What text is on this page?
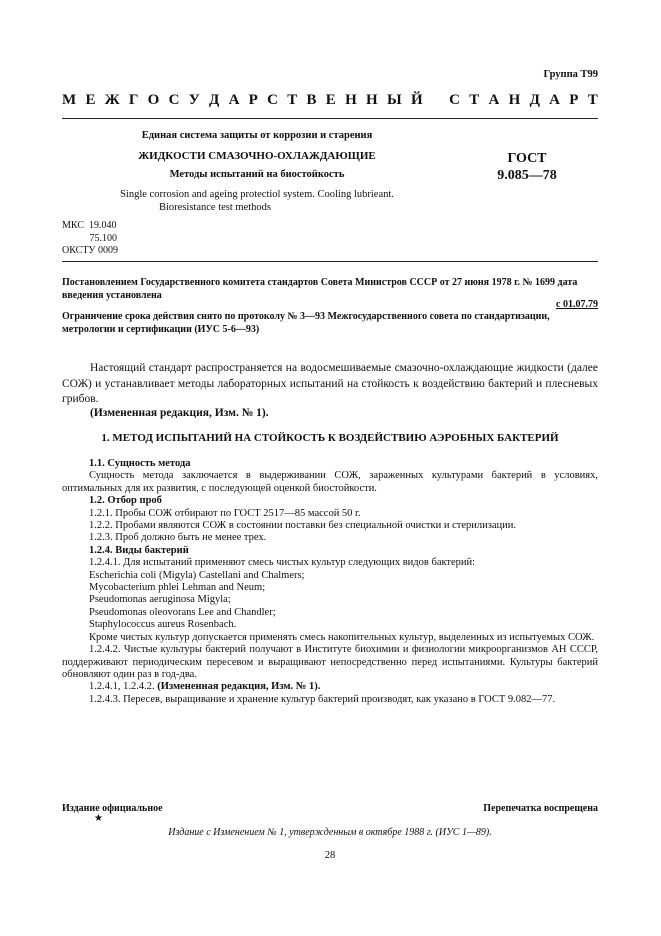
Группа Т99
М Е Ж Г О С У Д А Р С Т В Е Н Н Ы Й С Т А Н Д А Р Т
Единая система защиты от коррозии и старения
ЖИДКОСТИ СМАЗОЧНО-ОХЛАЖДАЮЩИЕ
Методы испытаний на биостойкость
Single corrosion and ageing protectiol system. Cooling lubrieant.
Bioresistance test methods
ГОСТ
9.085—78
МКС  19.040
75.100
ОКСТУ 0009
Постановлением Государственного комитета стандартов Совета Министров СССР от 27 июня 1978 г. № 1699 дата введения установлена
с 01.07.79
Ограничение срока действия снято по протоколу № 3—93 Межгосударственного совета по стандартизации, метрологии и сертификации (ИУС 5-6—93)
Настоящий стандарт распространяется на водосмешиваемые смазочно-охлаждающие жидкости (далее СОЖ) и устанавливает методы лабораторных испытаний на стойкость к воздействию бактерий и плесневых грибов.
(Измененная редакция, Изм. № 1).
1. МЕТОД ИСПЫТАНИЙ НА СТОЙКОСТЬ К ВОЗДЕЙСТВИЮ АЭРОБНЫХ БАКТЕРИЙ
1.1. Сущность метода
Сущность метода заключается в выдерживании СОЖ, зараженных культурами бактерий в условиях, оптимальных для их развития, с последующей оценкой биостойкости.
1.2. Отбор проб
1.2.1. Пробы СОЖ отбирают по ГОСТ 2517—85 массой 50 г.
1.2.2. Пробами являются СОЖ в состоянии поставки без специальной очистки и стерилизации.
1.2.3. Проб должно быть не менее трех.
1.2.4. Виды бактерий
1.2.4.1. Для испытаний применяют смесь чистых культур следующих видов бактерий:
Escherichia coli (Migyla) Castellani and Chalmers;
Mycobacterium phlei Lehman and Neum;
Pseudomonas aeruginosa Migyla;
Pseudomonas oleovorans Lee and Chandler;
Staphylococcus aureus Rosenbach.
Кроме чистых культур допускается применять смесь накопительных культур, выделенных из испытуемых СОЖ.
1.2.4.2. Чистые культуры бактерий получают в Институте биохимии и физиологии микроорганизмов АН СССР, поддерживают периодическим пересевом и выращивают непосредственно перед испытаниями. Культуры бактерий обновляют один раз в год-два.
1.2.4.1, 1.2.4.2. (Измененная редакция, Изм. № 1).
1.2.4.3. Пересев, выращивание и хранение культур бактерий производят, как указано в ГОСТ 9.082—77.
Издание официальное	Перепечатка воспрещена
★
Издание с Изменением № 1, утвержденным в октябре 1988 г. (ИУС 1—89).
28
